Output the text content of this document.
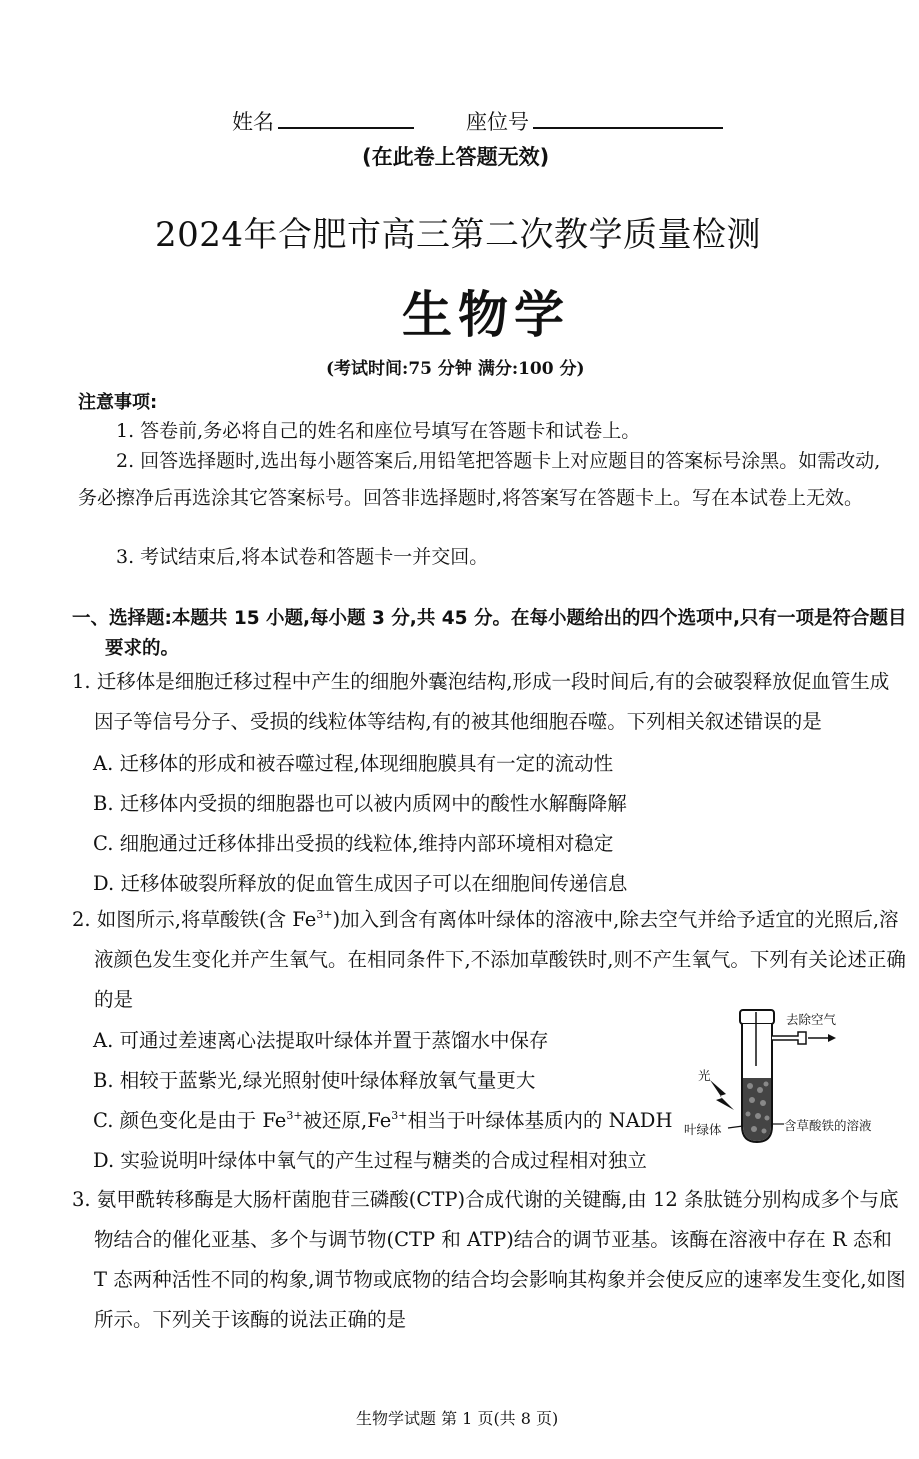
姓名	座位号
(在此卷上答题无效)
2024年合肥市高三第二次教学质量检测
生物学
(考试时间:75 分钟 满分:100 分)
注意事项:
1. 答卷前,务必将自己的姓名和座位号填写在答题卡和试卷上。
2. 回答选择题时,选出每小题答案后,用铅笔把答题卡上对应题目的答案标号涂黑。如需改动,务必擦净后再选涂其它答案标号。回答非选择题时,将答案写在答题卡上。写在本试卷上无效。
3. 考试结束后,将本试卷和答题卡一并交回。
一、选择题:本题共 15 小题,每小题 3 分,共 45 分。在每小题给出的四个选项中,只有一项是符合题目要求的。
1. 迁移体是细胞迁移过程中产生的细胞外囊泡结构,形成一段时间后,有的会破裂释放促血管生成因子等信号分子、受损的线粒体等结构,有的被其他细胞吞噬。下列相关叙述错误的是
A. 迁移体的形成和被吞噬过程,体现细胞膜具有一定的流动性
B. 迁移体内受损的细胞器也可以被内质网中的酸性水解酶降解
C. 细胞通过迁移体排出受损的线粒体,维持内部环境相对稳定
D. 迁移体破裂所释放的促血管生成因子可以在细胞间传递信息
2. 如图所示,将草酸铁(含 $Fe^{3+}$)加入到含有离体叶绿体的溶液中,除去空气并给予适宜的光照后,溶液颜色发生变化并产生氧气。在相同条件下,不添加草酸铁时,则不产生氧气。下列有关论述正确的是
A. 可通过差速离心法提取叶绿体并置于蒸馏水中保存
B. 相较于蓝紫光,绿光照射使叶绿体释放氧气量更大
C. 颜色变化是由于 $Fe^{3+}$被还原$,Fe^{3+}$相当于叶绿体基质内的 NADH
D. 实验说明叶绿体中氧气的产生过程与糖类的合成过程相对独立
去除空气
光
叶绿体	含草酸铁的溶液
3. 氨甲酰转移酶是大肠杆菌胞苷三磷酸(CTP)合成代谢的关键酶,由 12 条肽链分别构成多个与底物结合的催化亚基、多个与调节物(CTP 和 ATP)结合的调节亚基。该酶在溶液中存在 R 态和 T 态两种活性不同的构象,调节物或底物的结合均会影响其构象并会使反应的速率发生变化,如图所示。下列关于该酶的说法正确的是
生物学试题 第 1 页(共 8 页)
